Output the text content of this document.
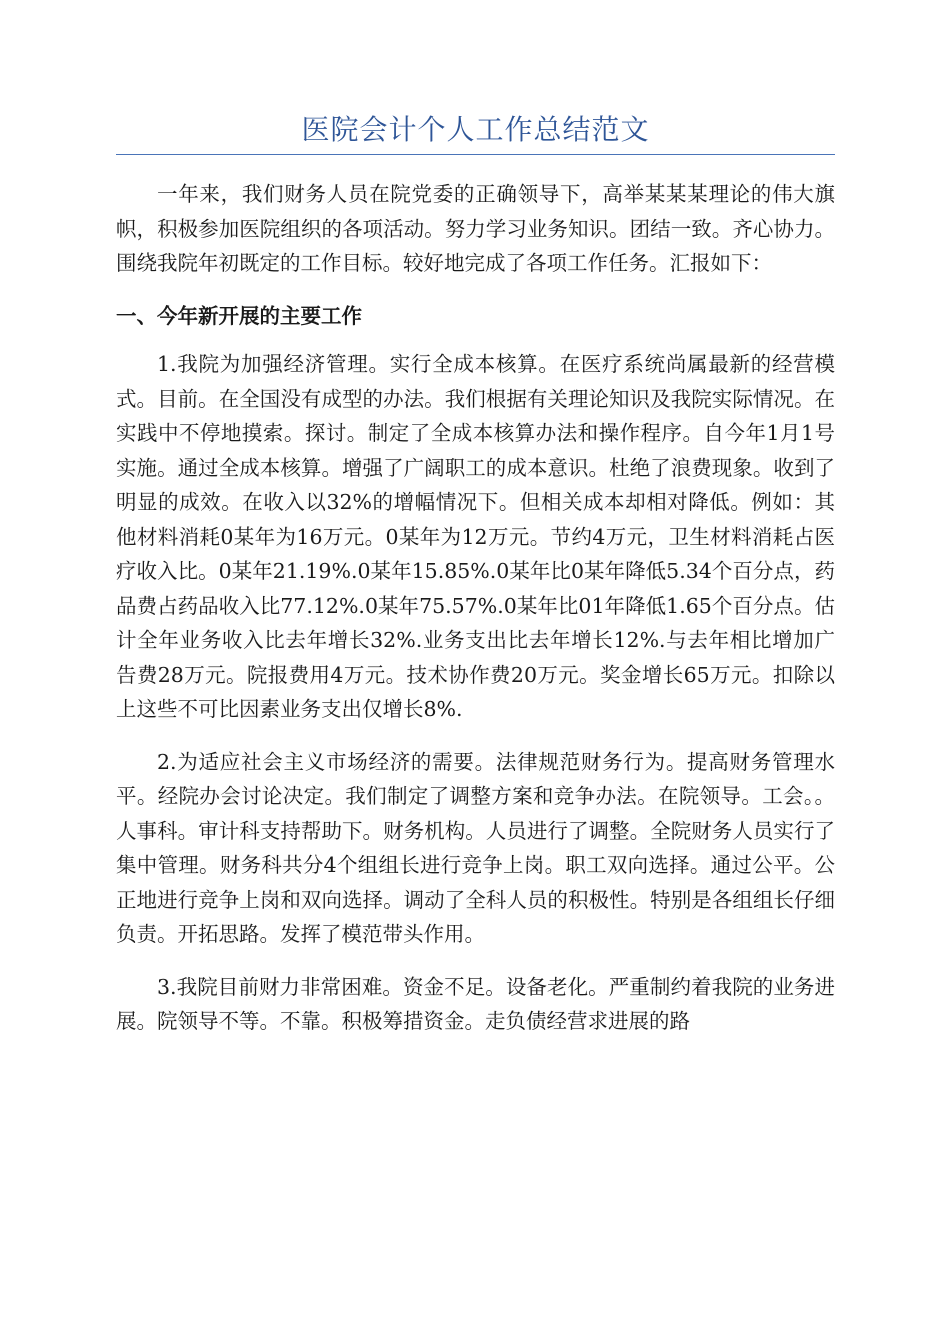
医院会计个人工作总结范文

一年来，我们财务人员在院党委的正确领导下，高举某某某理论的伟大旗帜，积极参加医院组织的各项活动。努力学习业务知识。团结一致。齐心协力。围绕我院年初既定的工作目标。较好地完成了各项工作任务。汇报如下：

一、今年新开展的主要工作

1.我院为加强经济管理。实行全成本核算。在医疗系统尚属最新的经营模式。目前。在全国没有成型的办法。我们根据有关理论知识及我院实际情况。在实践中不停地摸索。探讨。制定了全成本核算办法和操作程序。自今年1月1号实施。通过全成本核算。增强了广阔职工的成本意识。杜绝了浪费现象。收到了明显的成效。在收入以32%的增幅情况下。但相关成本却相对降低。例如：其他材料消耗0某年为16万元。0某年为12万元。节约4万元，卫生材料消耗占医疗收入比。0某年21.19%.0某年15.85%.0某年比0某年降低5.34个百分点，药品费占药品收入比77.12%.0某年75.57%.0某年比01年降低1.65个百分点。估计全年业务收入比去年增长32%.业务支出比去年增长12%.与去年相比增加广告费28万元。院报费用4万元。技术协作费20万元。奖金增长65万元。扣除以上这些不可比因素业务支出仅增长8%.

2.为适应社会主义市场经济的需要。法律规范财务行为。提高财务管理水平。经院办会讨论决定。我们制定了调整方案和竞争办法。在院领导。工会。。人事科。审计科支持帮助下。财务机构。人员进行了调整。全院财务人员实行了集中管理。财务科共分4个组组长进行竞争上岗。职工双向选择。通过公平。公正地进行竞争上岗和双向选择。调动了全科人员的积极性。特别是各组组长仔细负责。开拓思路。发挥了模范带头作用。

3.我院目前财力非常困难。资金不足。设备老化。严重制约着我院的业务进展。院领导不等。不靠。积极筹措资金。走负债经营求进展的路
